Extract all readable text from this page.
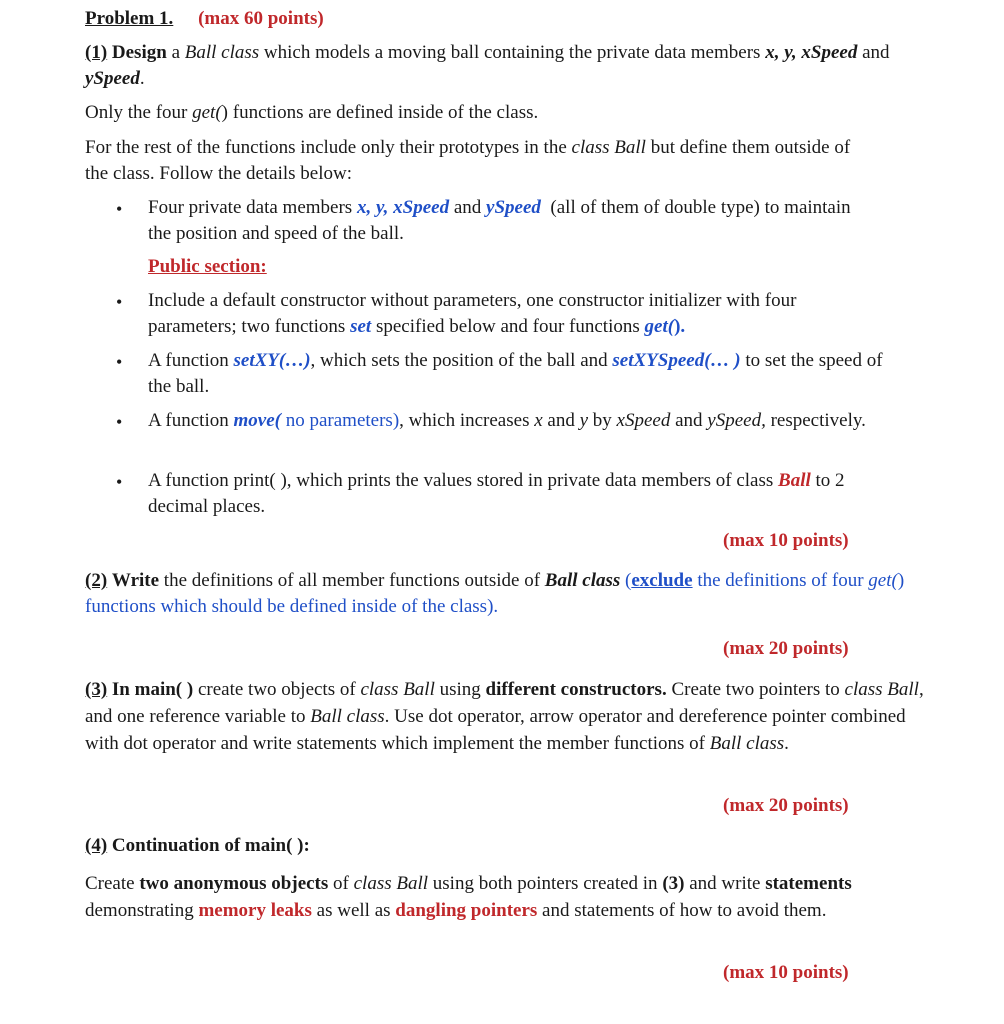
Problem 1. (max 60 points)
(1) Design a Ball class which models a moving ball containing the private data members x, y, xSpeed and ySpeed.
Only the four get() functions are defined inside of the class.
For the rest of the functions include only their prototypes in the class Ball but define them outside of the class. Follow the details below:
• Four private data members x, y, xSpeed and ySpeed (all of them of double type) to maintain the position and speed of the ball.
Public section:
• Include a default constructor without parameters, one constructor initializer with four parameters; two functions set specified below and four functions get().
• A function setXY(…), which sets the position of the ball and setXYSpeed(… ) to set the speed of the ball.
• A function move( no parameters), which increases x and y by xSpeed and ySpeed, respectively.
• A function print( ), which prints the values stored in private data members of class Ball to 2 decimal places.
(max 10 points)
(2) Write the definitions of all member functions outside of Ball class (exclude the definitions of four get() functions which should be defined inside of the class).
(max 20 points)
(3) In main( ) create two objects of class Ball using different constructors. Create two pointers to class Ball, and one reference variable to Ball class. Use dot operator, arrow operator and dereference pointer combined with dot operator and write statements which implement the member functions of Ball class.
(max 20 points)
(4) Continuation of main( ):
Create two anonymous objects of class Ball using both pointers created in (3) and write statements demonstrating memory leaks as well as dangling pointers and statements of how to avoid them.
(max 10 points)
